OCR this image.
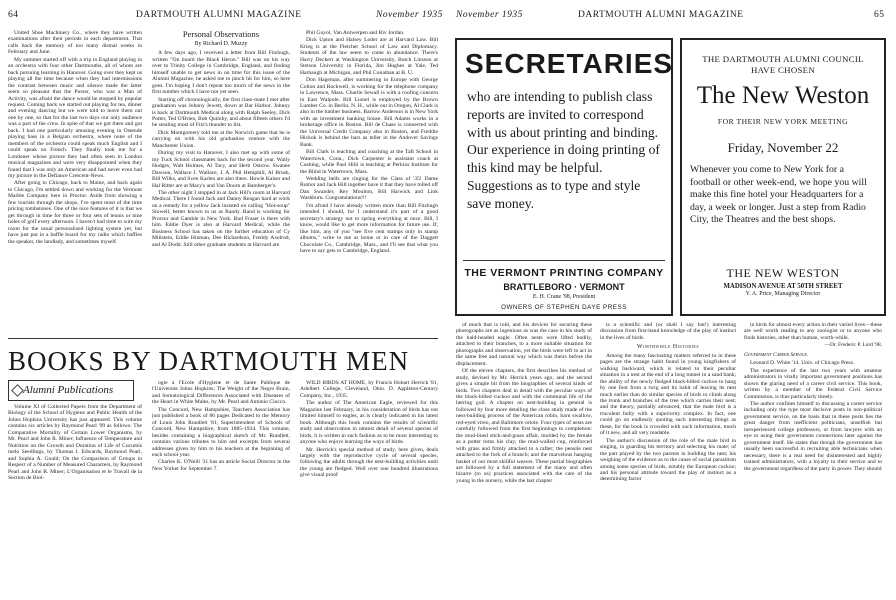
64	DARTMOUTH ALUMNI MAGAZINE	November 1935

United Shoe Machinery Co., where they have written examinations after their periods in each department. That calls back the memory of too many dismal weeks in February and June.

My summer started off with a trip to England playing in an orchestra with four other Dartmouths, all of whom are back pursuing learning in Hanover. Going over they kept us playing all the time because when they had intermissions the contrast between music and silence made the latter seem so pleasant that the Purser, who was a Man of Activity, was afraid the dance would be stopped by popular request. Coming back we started out playing for tea, dinner and evening dancing but we were told to leave them out one by one, so that for the last two days our only audience was a part of the crew. In spite of that we got there and got back. I had one particularly amusing evening in Ostende playing bass in a Belgian orchestra, where none of the members of the orchestra could speak much English and I could speak no French. They finally took me for a Londoner whose picture they had often seen in London musical magazines and were very disappointed when they found that I was only an American and had never even had my picture in the Defiance Crescent-News.

After going to Chicago, back to Maine, and back again to Chicago, I'm settled down and working for the Vermont Marble Company here in Proctor. Aside from showing a few tourists through the shops, I've spent most of the time pricing tombstones. One of the nice features of it is that we get through in time for three or four sets of tennis or nine holes of golf every afternoon. I haven't had time to wire my room for the usual personalized lighting system yet, but have just put in a baffle board for my radio which baffles the speaker, the landlady, and sometimes myself.

Personal Observations
By Richard D. Muzzy

A few days ago, I received a letter from Bill Fitzhugh, written "On board the Black Heron." Bill was on his way over to Trinity College in Cambridge, England, and finding himself unable to get news in on time for this issue of the Alumni Magazine, he asked me to pinch hit for him, so here goes. I'm hoping I don't repeat too much of the news in the first number which I have not yet seen.

Starting off chronologically, the first class-mate I met after graduation was Johnny Jewett, down at Bar Harbor. Johnny is back at Dartmouth Medical along with Ralph Seeley, Dick Potter, Ted O'Brien, Bob Quimby, and about fifteen others I'd be stealing most of Fitz's thunder to list.

Dick Montgomery told me at the Norwich game that he is carrying on with his old graduation venture with the Manchester Union.

During my visit to Hanover, I also met up with some of my Tuck School classmates back for the second year. Wally Hodges, Walt Holmes, Al Tacy, and Herb Ostrow. Swanee Dawson, Wallace J. Wallace, J. A. Phil Hemphill, Al Brush, Bill Wilks, and Sven Karlen are also there. Howie Kaiser and Hal Ritter are at Macy's and Van Doorn at Bamberger's.

The other night I stopped in at Jack Hill's room at Harvard Medical. There I found Jack and Danny Reagan hard at work on a remedy for a yellow Jack insisted on calling "Hot-soup" Stowell, better known to us as Randy. Rand is working for Proctor and Gamble in New York. Bud Fraser is there with him. Eddie Dyer is also at Harvard Medical, while the Business School has taken on the further education of Cy Millstein, Eddie Hinman, Dee Richardson, Freddy Axelrod, and Al Dodd. Still other graduate students at Harvard are

Phil Guyol, Van Antwerpen and Riv Jordan.

Dick Upton and Halsey Loder are at Harvard Law. Bill Krieg is at the Fletcher School of Law and Diplomacy. Students of the law seem to come in abundance. There's Harry Deckert at Washington University, Butch Linsson at Stetson University in Florida, Jim Hughes at Yale, Ted Harbaugh at Michigan, and Phil Conathan at B. U.

Don Hageman, after summering in Europe with George Colton and Rockwell, is working for the telephone company in Lawrence, Mass. Charlie Sewall is with a roofing concern in East Walpole. Bill Lionel is employed by the Brown Lumber Co. in Berlin, N. H., while out in Oregon, Al Clark is also in the lumber business. Barrow Anderson is in New York with an investment banking house. Bill Adams works in a brokerage office in Boston. Bill de Chase is connected with the Universal Credit Company also in Boston, and Freddie Hickok is behind the bars as teller in the Andover Savings Bank.

Bill Clark is teaching and coaching at the Taft School in Watertown, Conn., Dick Carpenter is assistant coach at Cushing, while Paul Hilli is teaching at Perkins Institute for the Blind in Watertown, Mass.

Wedding bells are ringing for the Class of '35! Dame Rumor and Jack Hill together have it that they have tolled off Dan Swander, Rey Moulton, Bill Harwick and Link Washburn. Congratulations!!!

I'm afraid I have already written more than Bill Fitzhugh intended I should, for I understand it's part of a good secretary's strategy not to spring everything at once. Bill, I know, would like to get more information for future use. If, like him, any of you "see five cent stamps only in stamp albums," write to me at home or in care of the Daggett Chocolate Co., Cambridge, Mass., and I'll see that what you have to say gets to Cambridge, England.

BOOKS BY DARTMOUTH MEN
Alumni Publications

Volume XI of Collected Papers from the Department of Biology of the School of Hygiene and Public Health of the Johns Hopkins University has just appeared. This volume contains six articles by Raymond Pearl '99 as follows: The Comparative Mortality of Certain Lower Organisms, by Mr. Pearl and John R. Miner; Influence of Temperature and Nutrition on the Growth and Duration of Life of Cucumis melo Seedlings, by Thomas I. Edwards, Raymond Pearl, and Sophia A. Gould; On the Comparison of Groups in Respect of a Number of Measured Characters, by Raymond Pearl and John R. Miner; L'Organisation et le Travail de la Section de Biol-

ogie a l'Ecole d'Hygiene et de Sante Publique de l'Universite Johns Hopkins; The Weight of the Negro Brain, and Somatological Differences Associated with Diseases of the Heart in White Males, by Mr. Pearl and Antonio Ciocco.

The Concord, New Hampshire, Teachers Association has just published a book of 86 pages Dedicated to the Memory of Louis John Rundlett '81, Superintendent of Schools of Concord, New Hampshire, from 1885-1934. This volume, besides containing a biographical sketch of Mr. Rundlett, contains various tributes to him and excerpts from several addresses given by him to his teachers at the beginning of each school year.

Charles K. O'Neill '31 has an article Social Director in the New Yorker for September 7.

WILD BIRDS AT HOME, by Francis Hobart Herrick '81, Adelbert College, Cleveland, Ohio. D. Appleton-Century Company, Inc., 1935.

The author of The American Eagle, reviewed for this Magazine last February, in his consideration of birds has not limited himself to eagles, as is clearly indicated in his latest book. Although this book contains the results of scientific study and observation in utmost detail of several species of birds, it is written in such fashion as to be most interesting to anyone who enjoys learning the ways of birds.

Mr. Herrick's special method of study, here given, deals largely with the reproductive cycle of several species, following the adults through the nest-building activities until the young are fledged. Well over one hundred illustrations give visual proof

November 1935	DARTMOUTH ALUMNI MAGAZINE	65
SECRETARIES
who are intending to publish class reports are invited to correspond with us about printing and binding. Our experience in doing printing of this kind may be helpful. Suggestions as to type and style save money.
THE VERMONT PRINTING COMPANY
BRATTLEBORO · VERMONT
E. H. Crane '98, President
OWNERS OF STEPHEN DAYE PRESS
THE DARTMOUTH ALUMNI COUNCIL
HAVE CHOSEN
The New Weston
FOR THEIR NEW YORK MEETING
Friday, November 22
Whenever you come to New York for a football or other week-end, we hope you will make this fine hotel your Headquarters for a day, a week or longer. Just a step from Radio City, the Theatres and the best shops.
THE NEW WESTON
MADISON AVENUE AT 50TH STREET
Y. A. Price, Managing Director

of much that is told, and his devices for securing these photographs are as ingenious as was the case in his study of the bald-headed eagle. Often nests were lifted bodily, attached to their branches, to a more suitable situation for photographs and observation, yet the birds were left to act in the same free and natural way which was theirs before the displacement.

Of the eleven chapters, the first describes his method of study, devised by Mr. Herrick years ago, and the second gives a simple bit from the biographies of several kinds of birds. Two chapters deal in detail with the peculiar ways of the black-billed cuckoo and with the communal life of the herring gull. A chapter on nest-building in general is followed by four more detailing the close study made of the nest-building process of the American robin, barn swallow, red-eyed vireo, and Baltimore oriole. Four types of nests are carefully followed from the first beginnings to completion: the mud-lined stick-and-grass affair, molded by the female as a potter turns his clay; the mud-walled cup, reinforced with grass and firmly attached to a rafter; the pensile nest attached to the fork of a branch; and the marvelous hanging basket of our most skillful weaver. These partial biographies are followed by a full statement of the many and often bizarre (to us) practices associated with the care of the young in the nursery, while the last chapter

is a scientific and (or shall I say but!) interesting discussion from first-hand knowledge of the play of instinct in the lives of birds.

Worthwhile Histories

Among the many fascinating matters referred to in these pages are the strange habit found in young kingfishers of walking backward, which is related to their peculiar situation in a nest at the end of a long tunnel in a sand bank; the ability of the newly fledged black-billed cuckoo to hang by one foot from a twig and its habit of leaving its nest much earlier than do similar species of birds to climb along the trunk and branches of the tree which carries their nest; and the theory, partially advanced, that the male bird is a truculent bully with a superiority complex. In fact, one could go on endlessly quoting such interesting things as these, for the book is crowded with such information, much of it new, and all very readable.

The author's discussion of the role of the male bird in singing, in guarding his territory and selecting his mate; of the part played by the two parents in building the nest; his weighing of the evidence as to the cause of social parasitism among some species of birds, notably the European cuckoo; and his personal attitude toward the play of instinct as a determining factor

in birds for almost every action in their varied lives—these are well worth reading to any zoologist or to anyone who finds histories, other than human, worth-while.

—Dr. Frederic P. Lord '98.
Government Career Service.

Leonard D. White '14. Univ. of Chicago Press.

The experience of the last two years with amateur administrators in vitally important government positions has shown the glaring need of a career civil service. This book, written by a member of the Federal Civil Service Commission, is thus particularly timely.

The author confines himself to discussing a career service including only the type most decisive posts in non-political government service, on the basis that in these posts lies the great danger from inefficient politicians, unselfish but inexperienced college professors, or from lawyers with an eye to using their government connections later against the government itself. He states that though the government has usually been successful in recruiting able technicians when necessary, there is a real need for disinterested and highly trained administrators, with a loyalty to their service and to the government regardless of the party in power. They should
